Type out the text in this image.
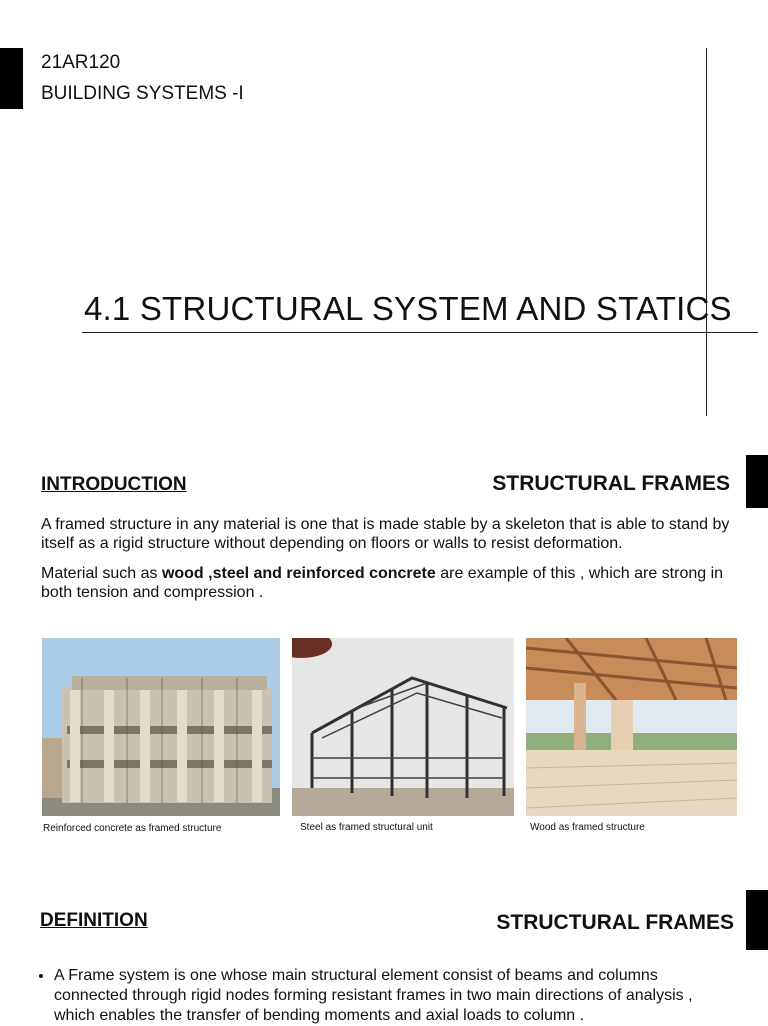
21AR120
BUILDING SYSTEMS -I
4.1 STRUCTURAL SYSTEM AND STATICS
INTRODUCTION	STRUCTURAL FRAMES
A framed structure in any material is one that is made stable by a skeleton that is able to stand by itself as a rigid structure without depending on floors or walls to resist deformation.
Material such as wood ,steel and reinforced concrete are example of this , which are strong in both tension and compression .
Reinforced concrete as framed structure	Steel as framed structural unit	Wood as framed structure
DEFINITION	STRUCTURAL FRAMES
• A Frame system is one whose main structural element consist of beams and columns connected through rigid nodes forming resistant frames in two main directions of analysis , which enables the transfer of bending moments and axial loads to column .
